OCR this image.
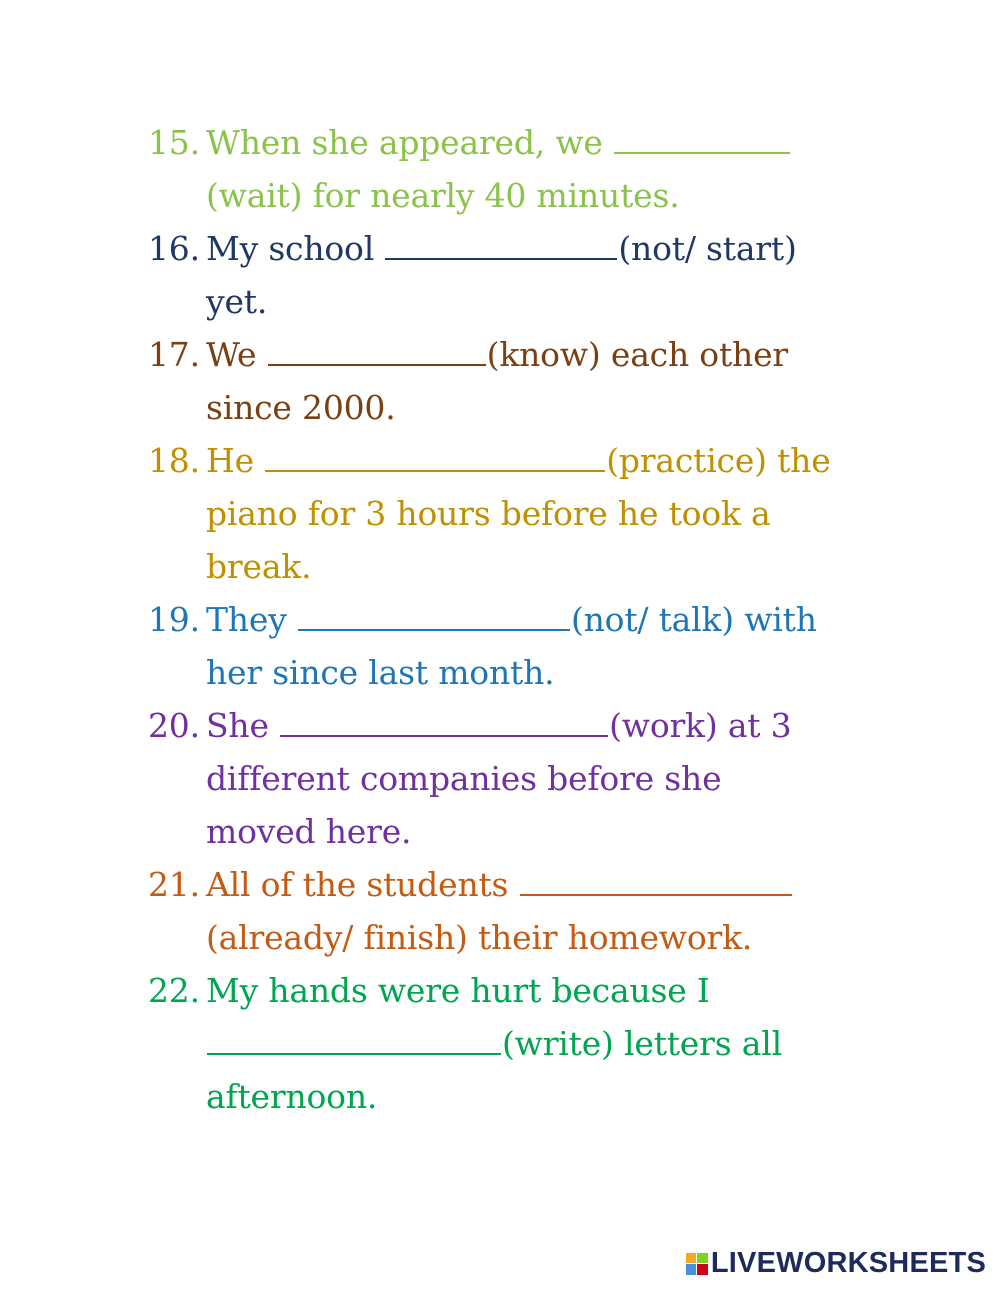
15. When she appeared, we
(wait) for nearly 40 minutes.
16. My school	(not/ start)
yet.
17. We	(know) each other
since 2000.
18. He	(practice) the
piano for 3 hours before he took a
break.
19. They	(not/ talk) with
her since last month.
20. She	(work) at 3
different companies before she
moved here.
21. All of the students
(already/ finish) their homework.
22. My hands were hurt because I
(write) letters all
afternoon.
LIVEWORKSHEETS
